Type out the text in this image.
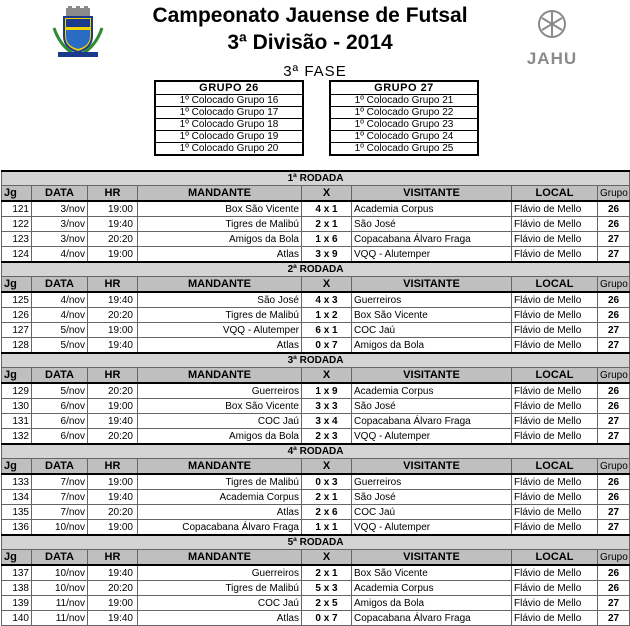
Campeonato Jauense de Futsal
3ª Divisão - 2014
JAHU
3ª FASE
GRUPO 26
1º Colocado Grupo 16
1º Colocado Grupo 17
1º Colocado Grupo 18
1º Colocado Grupo 19
1º Colocado Grupo 20
GRUPO 27
1º Colocado Grupo 21
1º Colocado Grupo 22
1º Colocado Grupo 23
1º Colocado Grupo 24
1º Colocado Grupo 25
1ª RODADA							
Jg	DATA	HR	MANDANTE	X	VISITANTE	LOCAL	Grupo
121	3/nov	19:00	Box São Vicente	4 x 1	Academia Corpus	Flávio de Mello	26
122	3/nov	19:40	Tigres de Malibú	2 x 1	São José	Flávio de Mello	26
123	3/nov	20:20	Amigos da Bola	1 x 6	Copacabana Álvaro Fraga	Flávio de Mello	27
124	4/nov	19:00	Atlas	3 x 9	VQQ - Alutemper	Flávio de Mello	27
2ª RODADA							
Jg	DATA	HR	MANDANTE	X	VISITANTE	LOCAL	Grupo
125	4/nov	19:40	São José	4 x 3	Guerreiros	Flávio de Mello	26
126	4/nov	20:20	Tigres de Malibú	1 x 2	Box São Vicente	Flávio de Mello	26
127	5/nov	19:00	VQQ - Alutemper	6 x 1	COC Jaú	Flávio de Mello	27
128	5/nov	19:40	Atlas	0 x 7	Amigos da Bola	Flávio de Mello	27
3ª RODADA							
Jg	DATA	HR	MANDANTE	X	VISITANTE	LOCAL	Grupo
129	5/nov	20:20	Guerreiros	1 x 9	Academia Corpus	Flávio de Mello	26
130	6/nov	19:00	Box São Vicente	3 x 3	São José	Flávio de Mello	26
131	6/nov	19:40	COC Jaú	3 x 4	Copacabana Álvaro Fraga	Flávio de Mello	27
132	6/nov	20:20	Amigos da Bola	2 x 3	VQQ - Alutemper	Flávio de Mello	27
4ª RODADA							
Jg	DATA	HR	MANDANTE	X	VISITANTE	LOCAL	Grupo
133	7/nov	19:00	Tigres de Malibú	0 x 3	Guerreiros	Flávio de Mello	26
134	7/nov	19:40	Academia Corpus	2 x 1	São José	Flávio de Mello	26
135	7/nov	20:20	Atlas	2 x 6	COC Jaú	Flávio de Mello	27
136	10/nov	19:00	Copacabana Álvaro Fraga	1 x 1	VQQ - Alutemper	Flávio de Mello	27
5ª RODADA							
Jg	DATA	HR	MANDANTE	X	VISITANTE	LOCAL	Grupo
137	10/nov	19:40	Guerreiros	2 x 1	Box São Vicente	Flávio de Mello	26
138	10/nov	20:20	Tigres de Malibú	5 x 3	Academia Corpus	Flávio de Mello	26
139	11/nov	19:00	COC Jaú	2 x 5	Amigos da Bola	Flávio de Mello	27
140	11/nov	19:40	Atlas	0 x 7	Copacabana Álvaro Fraga	Flávio de Mello	27
